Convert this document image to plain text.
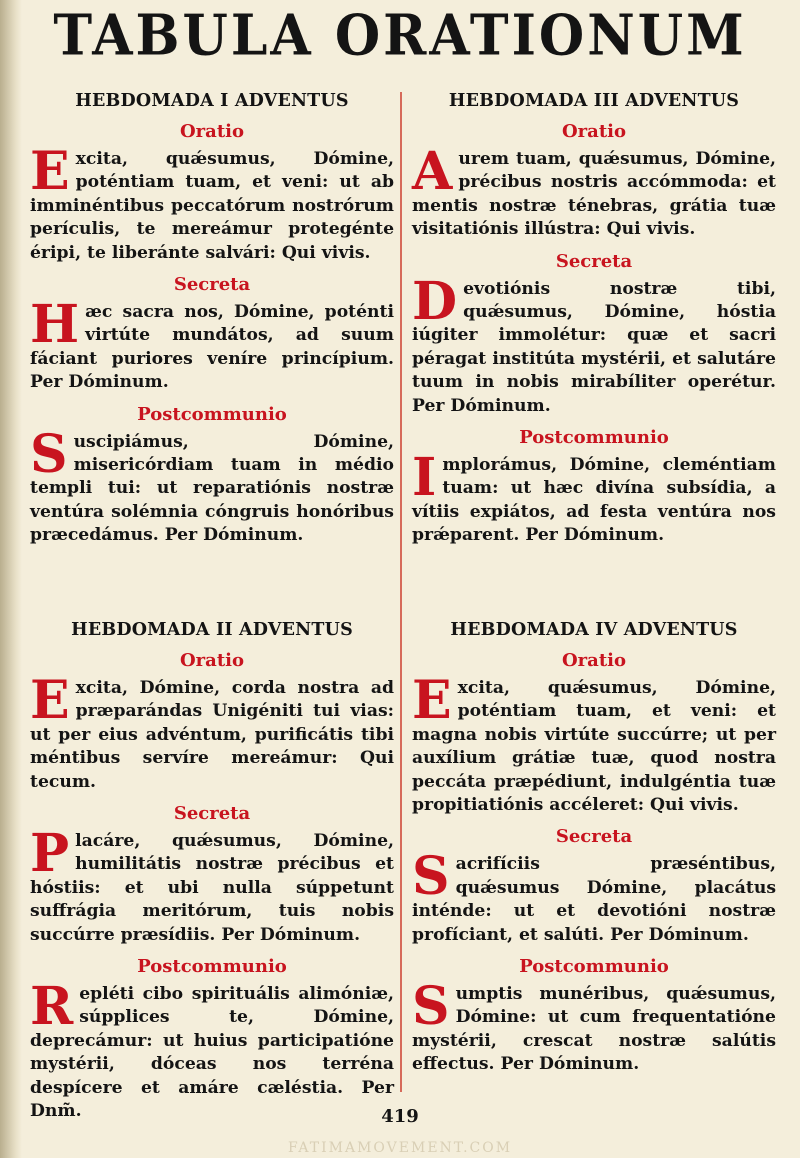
TABULA ORATIONUM
HEBDOMADA I ADVENTUS
Oratio
Excita, quǽsumus, Dómine, poténtiam tuam, et veni: ut ab imminéntibus peccatórum nostrórum perículis, te mereámur protegénte éripi, te liberánte salvári: Qui vivis.
Secreta
Hæc sacra nos, Dómine, poténti virtúte mundátos, ad suum fáciant puriores veníre princípium. Per Dóminum.
Postcommunio
Suscipiámus, Dómine, misericórdiam tuam in médio templi tui: ut reparatiónis nostræ ventúra solémnia cóngruis honóribus præcedámus. Per Dóminum.
HEBDOMADA II ADVENTUS
Oratio
Excita, Dómine, corda nostra ad præparándas Unigéniti tui vias: ut per eius advéntum, purificátis tibi méntibus servíre mereámur: Qui tecum.
Secreta
Placáre, quǽsumus, Dómine, humilitátis nostræ précibus et hóstiis: et ubi nulla súppetunt suffrágia meritórum, tuis nobis succúrre præsídiis. Per Dóminum.
Postcommunio
Repléti cibo spirituális alimóniæ, súpplices te, Dómine, deprecámur: ut huius participatióne mystérii, dóceas nos terréna despícere et amáre cæléstia. Per Dnm̃.
HEBDOMADA III ADVENTUS
Oratio
Aurem tuam, quǽsumus, Dómine, précibus nostris accómmoda: et mentis nostræ ténebras, grátia tuæ visitatiónis illústra: Qui vivis.
Secreta
Devotiónis nostræ tibi, quǽsumus, Dómine, hóstia iúgiter immolétur: quæ et sacri péragat institúta mystérii, et salutáre tuum in nobis mirabíliter operétur. Per Dóminum.
Postcommunio
Implorámus, Dómine, cleméntiam tuam: ut hæc divína subsídia, a vítiis expiátos, ad festa ventúra nos prǽparent. Per Dóminum.
HEBDOMADA IV ADVENTUS
Oratio
Excita, quǽsumus, Dómine, poténtiam tuam, et veni: et magna nobis virtúte succúrre; ut per auxílium grátiæ tuæ, quod nostra peccáta præpédiunt, indulgéntia tuæ propitiatiónis accéleret: Qui vivis.
Secreta
Sacrifíciis præséntibus, quǽsumus Dómine, placátus inténde: ut et devotióni nostræ profíciant, et salúti. Per Dóminum.
Postcommunio
Sumptis munéribus, quǽsumus, Dómine: ut cum frequentatióne mystérii, crescat nostræ salútis effectus. Per Dóminum.
419
FATIMAMOVEMENT.COM
